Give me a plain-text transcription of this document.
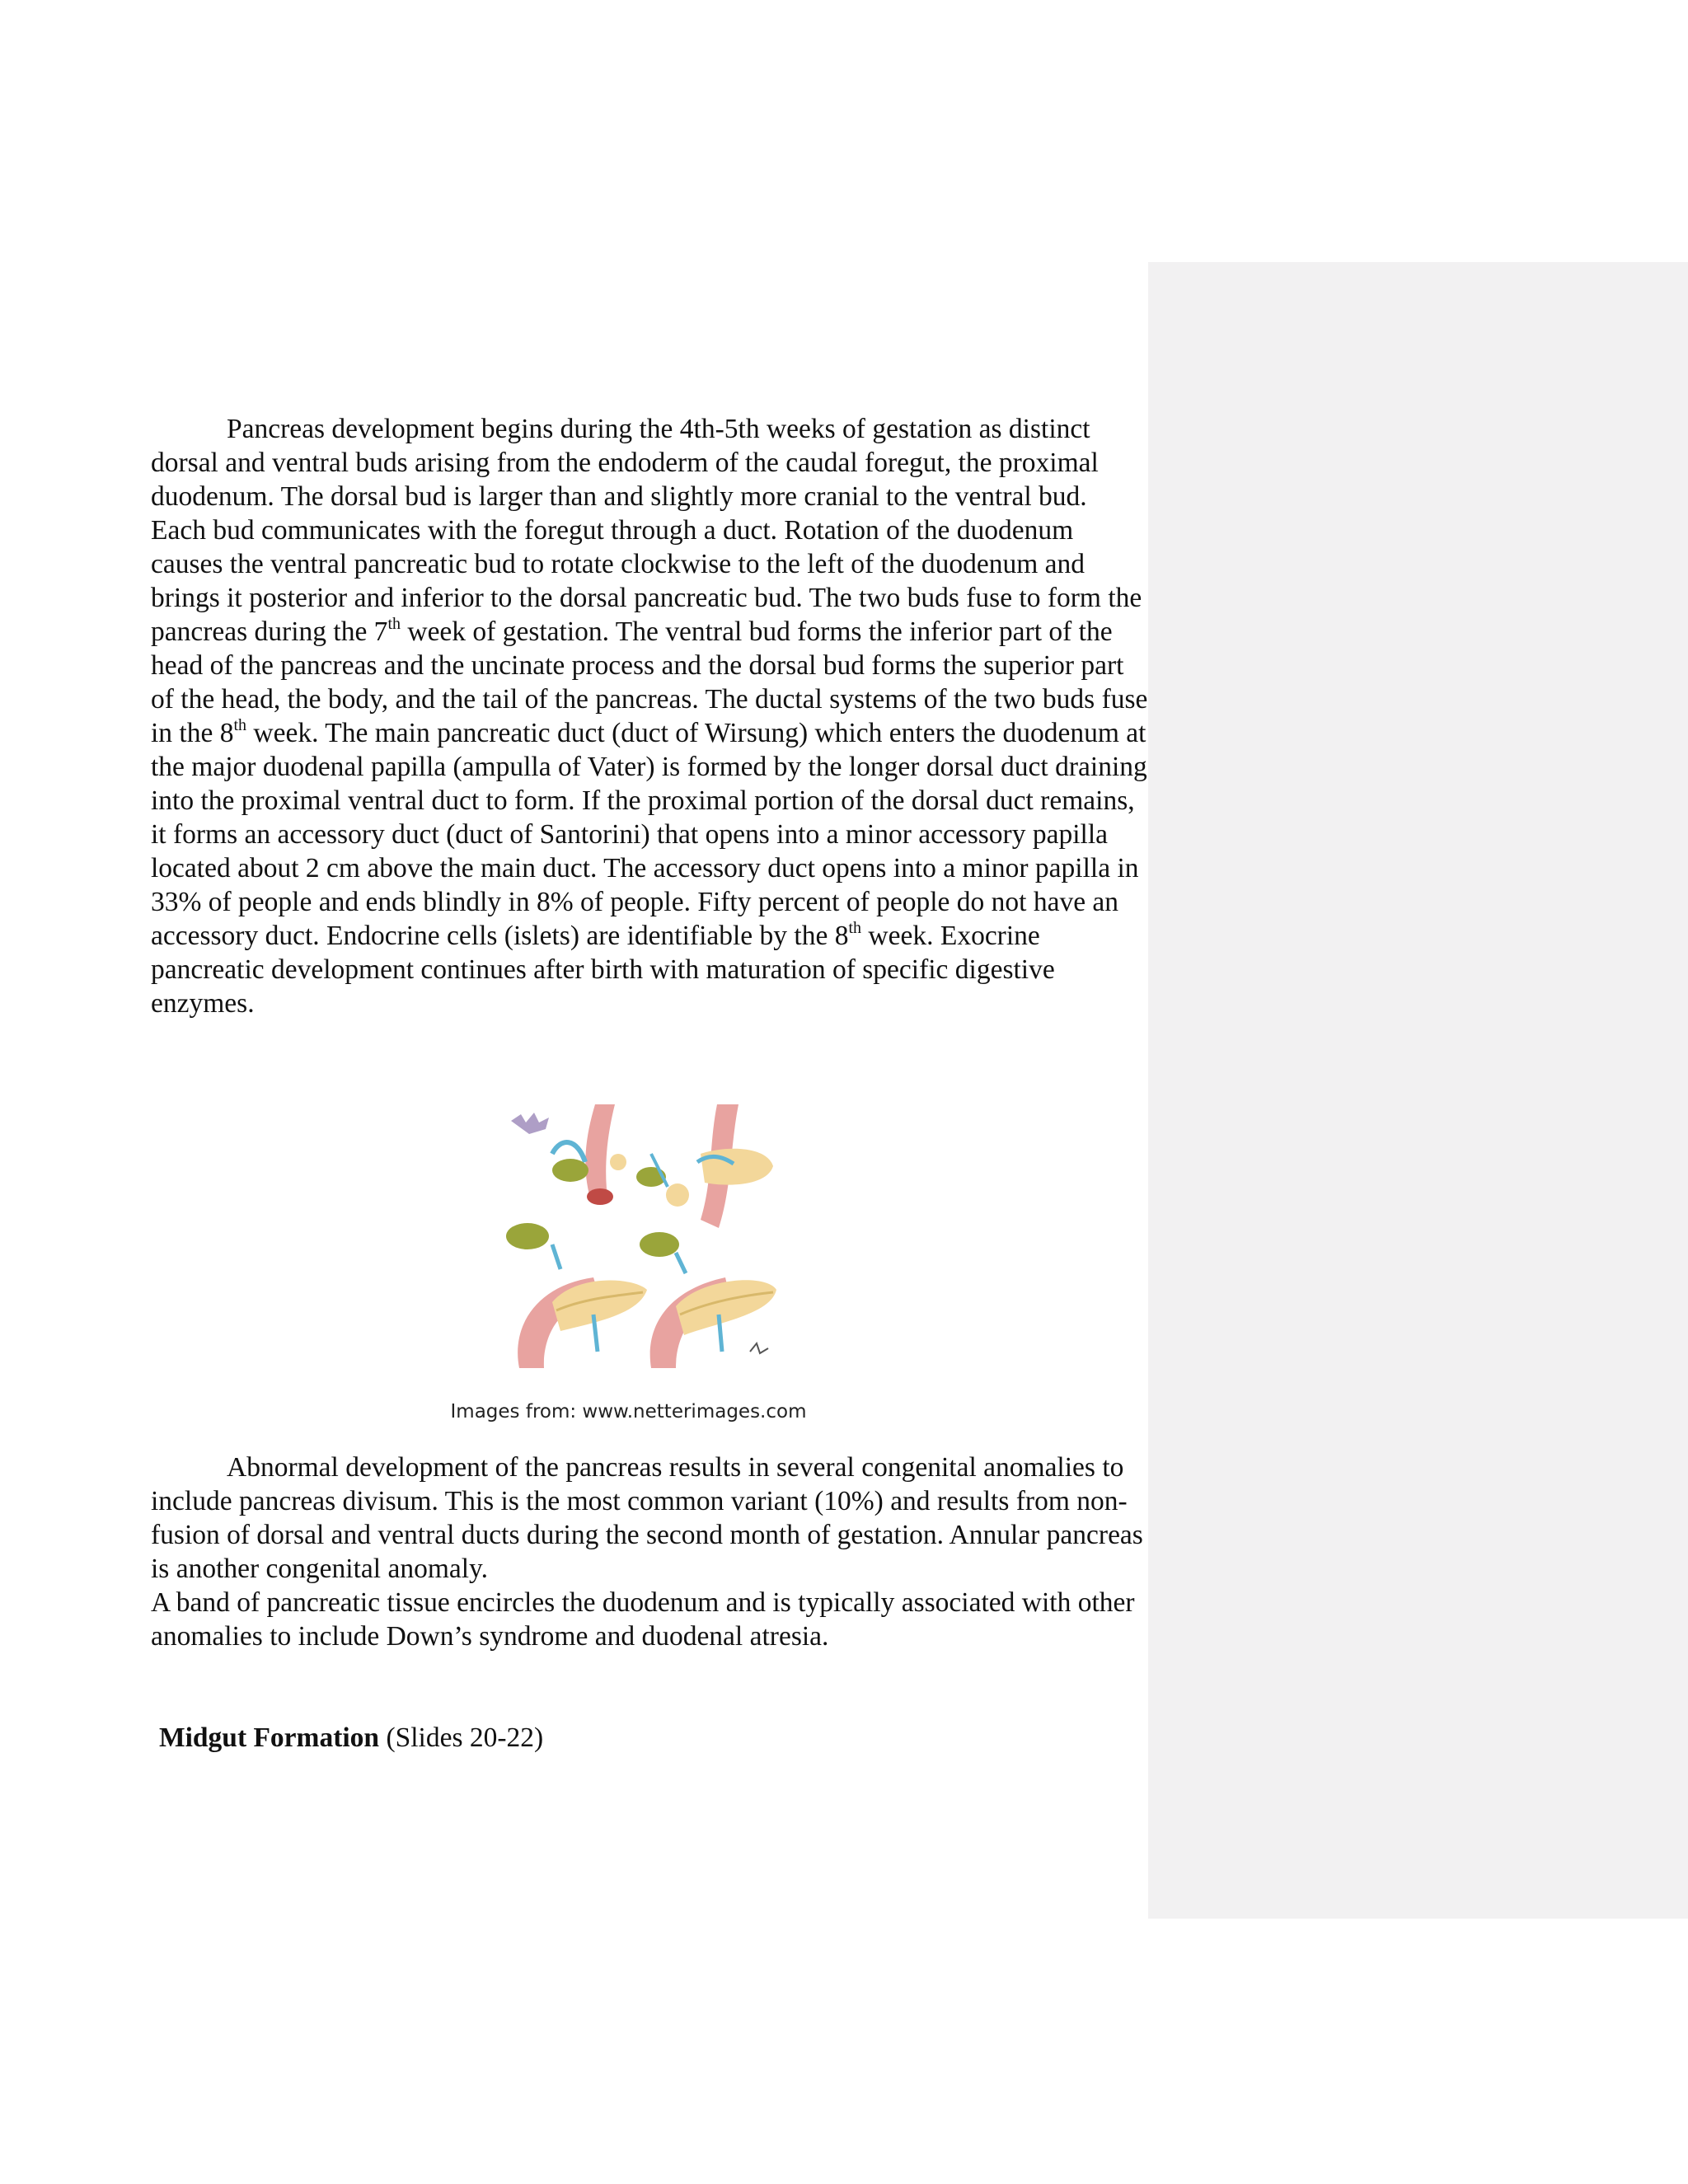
Pancreas development begins during the 4th-5th weeks of gestation as distinct dorsal and ventral buds arising from the endoderm of the caudal foregut, the proximal duodenum. The dorsal bud is larger than and slightly more cranial to the ventral bud. Each bud communicates with the foregut through a duct. Rotation of the duodenum causes the ventral pancreatic bud to rotate clockwise to the left of the duodenum and brings it posterior and inferior to the dorsal pancreatic bud. The two buds fuse to form the pancreas during the 7th week of gestation. The ventral bud forms the inferior part of the head of the pancreas and the uncinate process and the dorsal bud forms the superior part of the head, the body, and the tail of the pancreas. The ductal systems of the two buds fuse in the 8th week. The main pancreatic duct (duct of Wirsung) which enters the duodenum at the major duodenal papilla (ampulla of Vater) is formed by the longer dorsal duct draining into the proximal ventral duct to form. If the proximal portion of the dorsal duct remains, it forms an accessory duct (duct of Santorini) that opens into a minor accessory papilla located about 2 cm above the main duct. The accessory duct opens into a minor papilla in 33% of people and ends blindly in 8% of people. Fifty percent of people do not have an accessory duct. Endocrine cells (islets) are identifiable by the 8th week. Exocrine pancreatic development continues after birth with maturation of specific digestive enzymes.

Images from: www.netterimages.com

Abnormal development of the pancreas results in several congenital anomalies to include pancreas divisum. This is the most common variant (10%) and results from non-fusion of dorsal and ventral ducts during the second month of gestation. Annular pancreas is another congenital anomaly.

A band of pancreatic tissue encircles the duodenum and is typically associated with other anomalies to include Down’s syndrome and duodenal atresia.

Midgut Formation (Slides 20-22)
